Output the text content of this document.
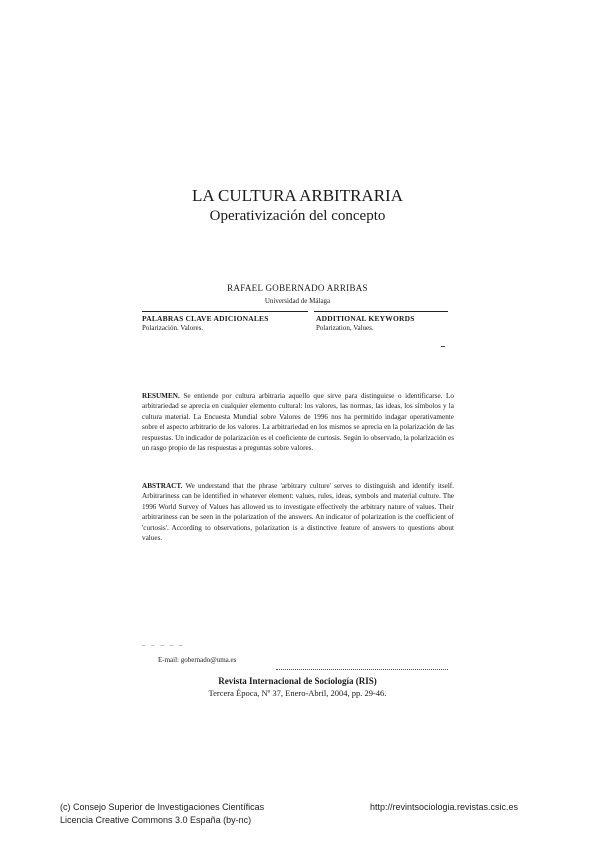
LA CULTURA ARBITRARIA
Operativización del concepto
RAFAEL GOBERNADO ARRIBAS
Universidad de Málaga
PALABRAS CLAVE ADICIONALES
Polarización. Valores.
ADDITIONAL KEYWORDS
Polarization, Values.
RESUMEN. Se entiende por cultura arbitraria aquello que sirve para distinguirse o identificarse. Lo arbitrariedad se aprecia en cualquier elemento cultural: los valores, las normas, las ideas, los símbolos y la cultura material. La Encuesta Mundial sobre Valores de 1996 nos ha permitido indagar operativamente sobre el aspecto arbitrario de los valores. La arbitrariedad en los mismos se aprecia en la polarización de las respuestas. Un indicador de polarización es el coeficiente de curtosis. Según lo observado, la polarización es un rasgo propio de las respuestas a preguntas sobre valores.
ABSTRACT. We understand that the phrase 'arbitrary culture' serves to distinguish and identify itself. Arbitrariness can be identified in whatever element: values, rules, ideas, symbols and material culture. The 1996 World Survey of Values has allowed us to investigate effectively the arbitrary nature of values. Their arbitrariness can be seen in the polarization of the answers. An indicator of polarization is the coefficient of 'curtosis'. According to observations, polarization is a distinctive feature of answers to questions about values.
– – – – –
E-mail: gobernado@uma.es
Revista Internacional de Sociología (RIS)
Tercera Época, Nº 37, Enero-Abril, 2004, pp. 29-46.
(c) Consejo Superior de Investigaciones Científicas
Licencia Creative Commons 3.0 España (by-nc)
http://revintsociologia.revistas.csic.es
